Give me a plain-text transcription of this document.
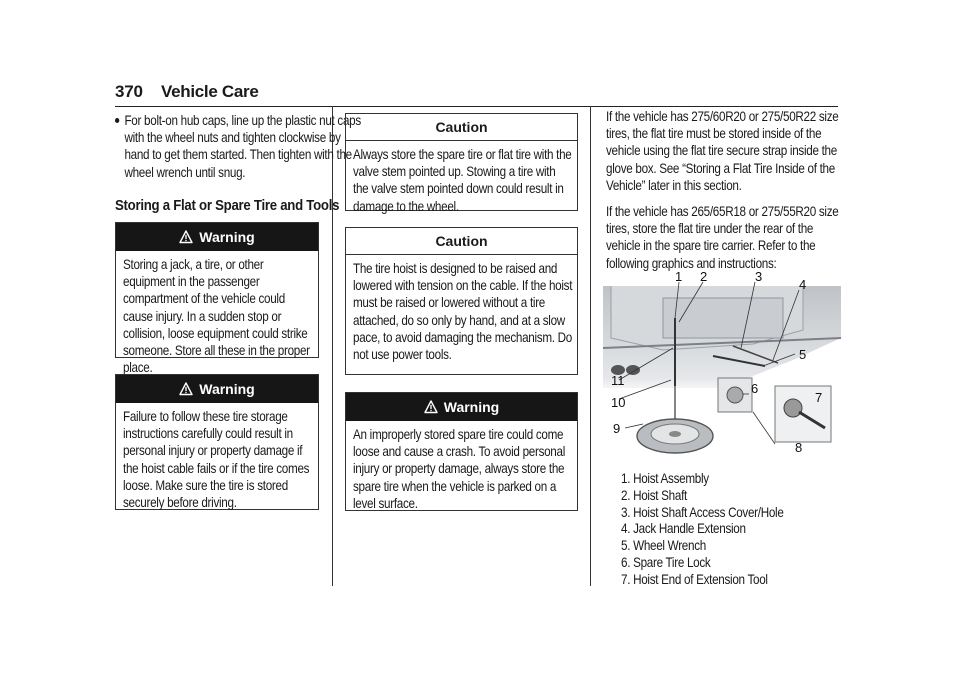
370 Vehicle Care
For bolt-on hub caps, line up the plastic nut caps with the wheel nuts and tighten clockwise by hand to get them started. Then tighten with the wheel wrench until snug.
Storing a Flat or Spare Tire and Tools
Warning
Storing a jack, a tire, or other equipment in the passenger compartment of the vehicle could cause injury. In a sudden stop or collision, loose equipment could strike someone. Store all these in the proper place.
Warning
Failure to follow these tire storage instructions carefully could result in personal injury or property damage if the hoist cable fails or if the tire comes loose. Make sure the tire is stored securely before driving.
Caution
Always store the spare tire or flat tire with the valve stem pointed up. Stowing a tire with the valve stem pointed down could result in damage to the wheel.
Caution
The tire hoist is designed to be raised and lowered with tension on the cable. If the hoist must be raised or lowered without a tire attached, do so only by hand, and at a slow pace, to avoid damaging the mechanism. Do not use power tools.
Warning
An improperly stored spare tire could come loose and cause a crash. To avoid personal injury or property damage, always store the spare tire when the vehicle is parked on a level surface.
If the vehicle has 275/60R20 or 275/50R22 size tires, the flat tire must be stored inside of the vehicle using the flat tire secure strap inside the glove box. See “Storing a Flat Tire Inside of the Vehicle” later in this section.
If the vehicle has 265/65R18 or 275/55R20 size tires, store the flat tire under the rear of the vehicle in the spare tire carrier. Refer to the following graphics and instructions:
1 2	3
4
5
6
7
8
9
10
11
1. Hoist Assembly
2. Hoist Shaft
3. Hoist Shaft Access Cover/Hole
4. Jack Handle Extension
5. Wheel Wrench
6. Spare Tire Lock
7. Hoist End of Extension Tool
